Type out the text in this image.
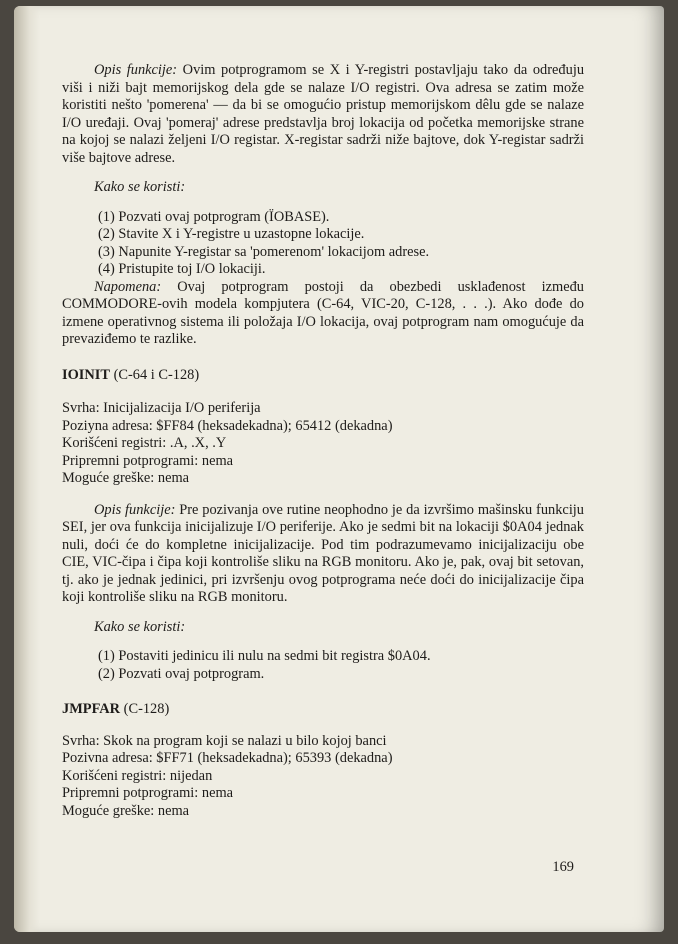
Opis funkcije: Ovim potprogramom se X i Y-registri postavljaju tako da određuju viši i niži bajt memorijskog dela gde se nalaze I/O registri. Ova adresa se zatim može koristiti nešto 'pomerena' — da bi se omogućio pristup memorijskom dêlu gde se nalaze I/O uređaji. Ovaj 'pomeraj' adrese predstavlja broj lokacija od početka memorijske strane na kojoj se nalazi željeni I/O registar. X-registar sadrži niže bajtove, dok Y-registar sadrži više bajtove adrese.

Kako se koristi:

(1) Pozvati ovaj potprogram (ÏOBASE).

(2) Stavite X i Y-registre u uzastopne lokacije.

(3) Napunite Y-registar sa 'pomerenom' lokacijom adrese.

(4) Pristupite toj I/O lokaciji.

Napomena: Ovaj potprogram postoji da obezbedi usklađenost između COMMODORE-ovih modela kompjutera (C-64, VIC-20, C-128, . . .). Ako dođe do izmene operativnog sistema ili položaja I/O lokacija, ovaj potprogram nam omogućuje da prevaziđemo te razlike.

IOINIT (C-64 i C-128)

Svrha: Inicijalizacija I/O periferija

Poziyna adresa: $FF84 (heksadekadna); 65412 (dekadna)

Korišćeni registri: .A, .X, .Y

Pripremni potprogrami: nema

Moguće greške: nema

Opis funkcije: Pre pozivanja ove rutine neophodno je da izvršimo mašinsku funkciju SEI, jer ova funkcija inicijalizuje I/O periferije. Ako je sedmi bit na lokaciji $0A04 jednak nuli, doći će do kompletne inicijalizacije. Pod tim podrazumevamo inicijalizaciju obe CIE, VIC-čipa i čipa koji kontroliše sliku na RGB monitoru. Ako je, pak, ovaj bit setovan, tj. ako je jednak jedinici, pri izvršenju ovog potprograma neće doći do inicijalizacije čipa koji kontroliše sliku na RGB monitoru.

Kako se koristi:

(1) Postaviti jedinicu ili nulu na sedmi bit registra $0A04.

(2) Pozvati ovaj potprogram.

JMPFAR (C-128)

Svrha: Skok na program koji se nalazi u bilo kojoj banci

Pozivna adresa: $FF71 (heksadekadna); 65393 (dekadna)

Korišćeni registri: nijedan

Pripremni potprogrami: nema

Moguće greške: nema

169
